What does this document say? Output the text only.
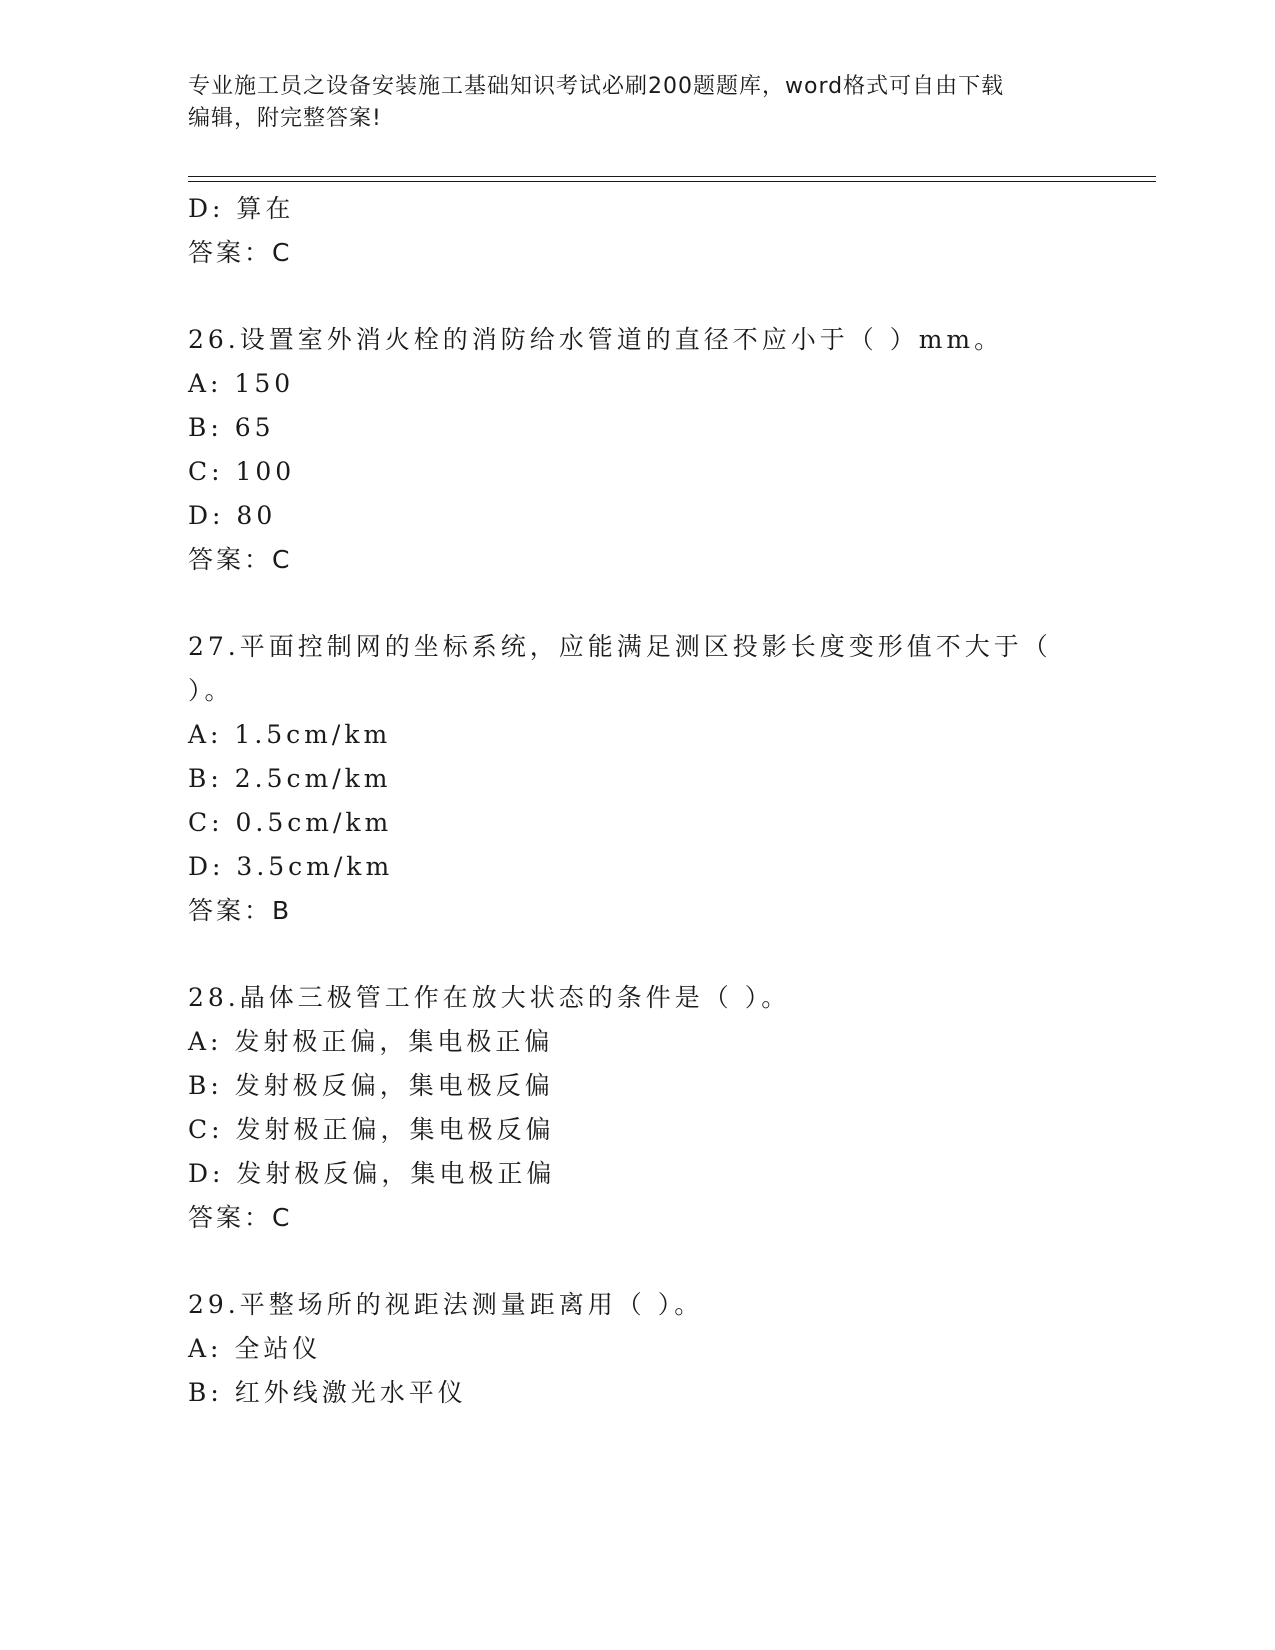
专业施工员之设备安装施工基础知识考试必刷200题题库，word格式可自由下载
编辑，附完整答案!
D: 算在
答案：C
26.设置室外消火栓的消防给水管道的直径不应小于（ ）mm。
A: 150
B: 65
C: 100
D: 80
答案：C
27.平面控制网的坐标系统，应能满足测区投影长度变形值不大于（
）。
A: 1.5cm/km
B: 2.5cm/km
C: 0.5cm/km
D: 3.5cm/km
答案：B
28.晶体三极管工作在放大状态的条件是（ ）。
A: 发射极正偏，集电极正偏
B: 发射极反偏，集电极反偏
C: 发射极正偏，集电极反偏
D: 发射极反偏，集电极正偏
答案：C
29.平整场所的视距法测量距离用（ ）。
A: 全站仪
B: 红外线激光水平仪
